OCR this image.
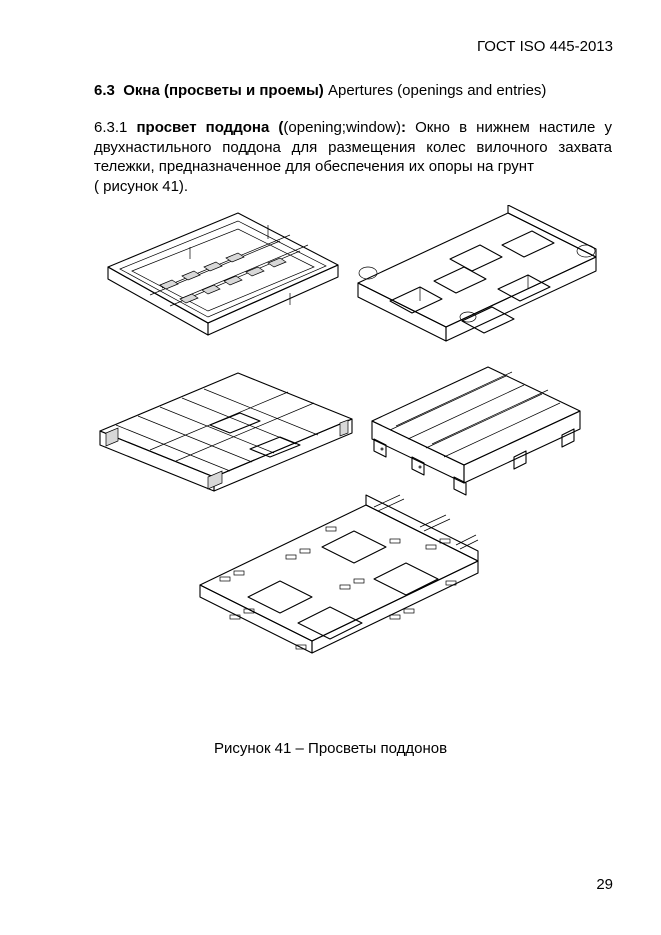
ГОСТ ISO 445-2013
6.3 Окна (просветы и проемы) Apertures (openings and entries)
6.3.1 просвет поддона ((opening;window): Окно в нижнем настиле у
двухнастильного поддона для размещения колес вилочного захвата
тележки, предназначенное для обеспечения их опоры на грунт
( рисунок 41).
Рисунок 41 – Просветы поддонов
29
